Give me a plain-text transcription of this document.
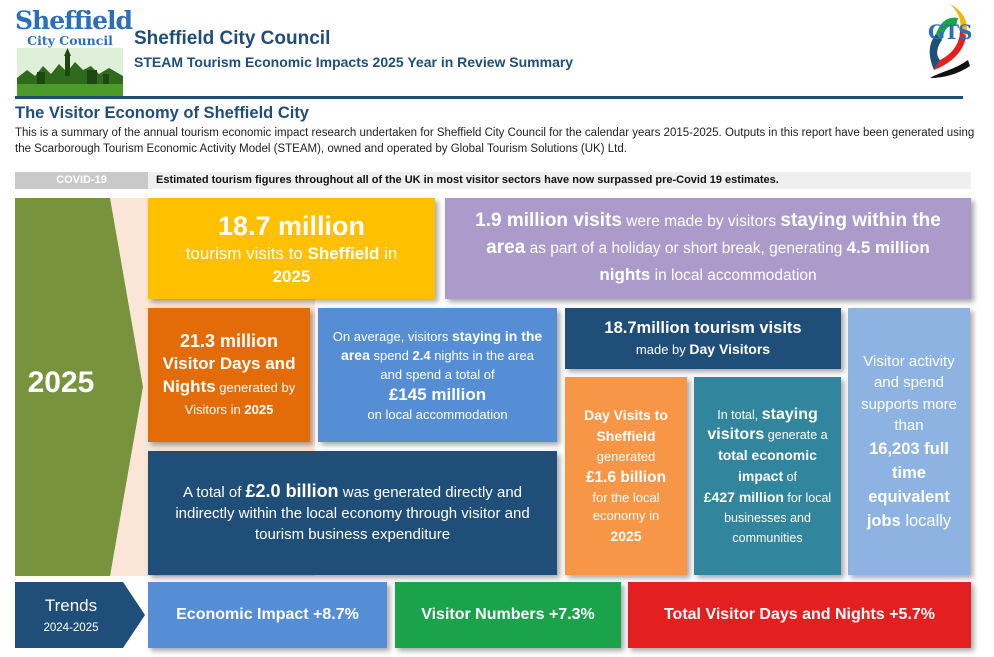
Sheffield
City Council	Sheffield City Council
STEAM Tourism Economic Impacts 2025 Year in Review Summary
GTS
The Visitor Economy of Sheffield City
This is a summary of the annual tourism economic impact research undertaken for Sheffield City Council for the calendar years 2015-2025. Outputs in this report have been generated using the Scarborough Tourism Economic Activity Model (STEAM), owned and operated by Global Tourism Solutions (UK) Ltd.
COVID-19	Estimated tourism figures throughout all of the UK in most visitor sectors have now surpassed pre-Covid 19 estimates.
2025
18.7 million
tourism visits to Sheffield in
2025
1.9 million visits were made by visitors staying within the area as part of a holiday or short break, generating 4.5 million nights in local accommodation
21.3 million
Visitor Days and Nights generated by Visitors in 2025
On average, visitors staying in the area spend 2.4 nights in the area and spend a total of
£145 million
on local accommodation
18.7million tourism visits
made by Day Visitors
Visitor activity and spend supports more than
16,203 full time equivalent jobs locally
A total of £2.0 billion was generated directly and indirectly within the local economy through visitor and tourism business expenditure
Day Visits to Sheffield
generated
£1.6 billion
for the local economy in
2025
In total, staying visitors generate a total economic impact of
£427 million for local businesses and communities
Trends
2024-2025
Economic Impact +8.7%	Visitor Numbers +7.3%	Total Visitor Days and Nights +5.7%
